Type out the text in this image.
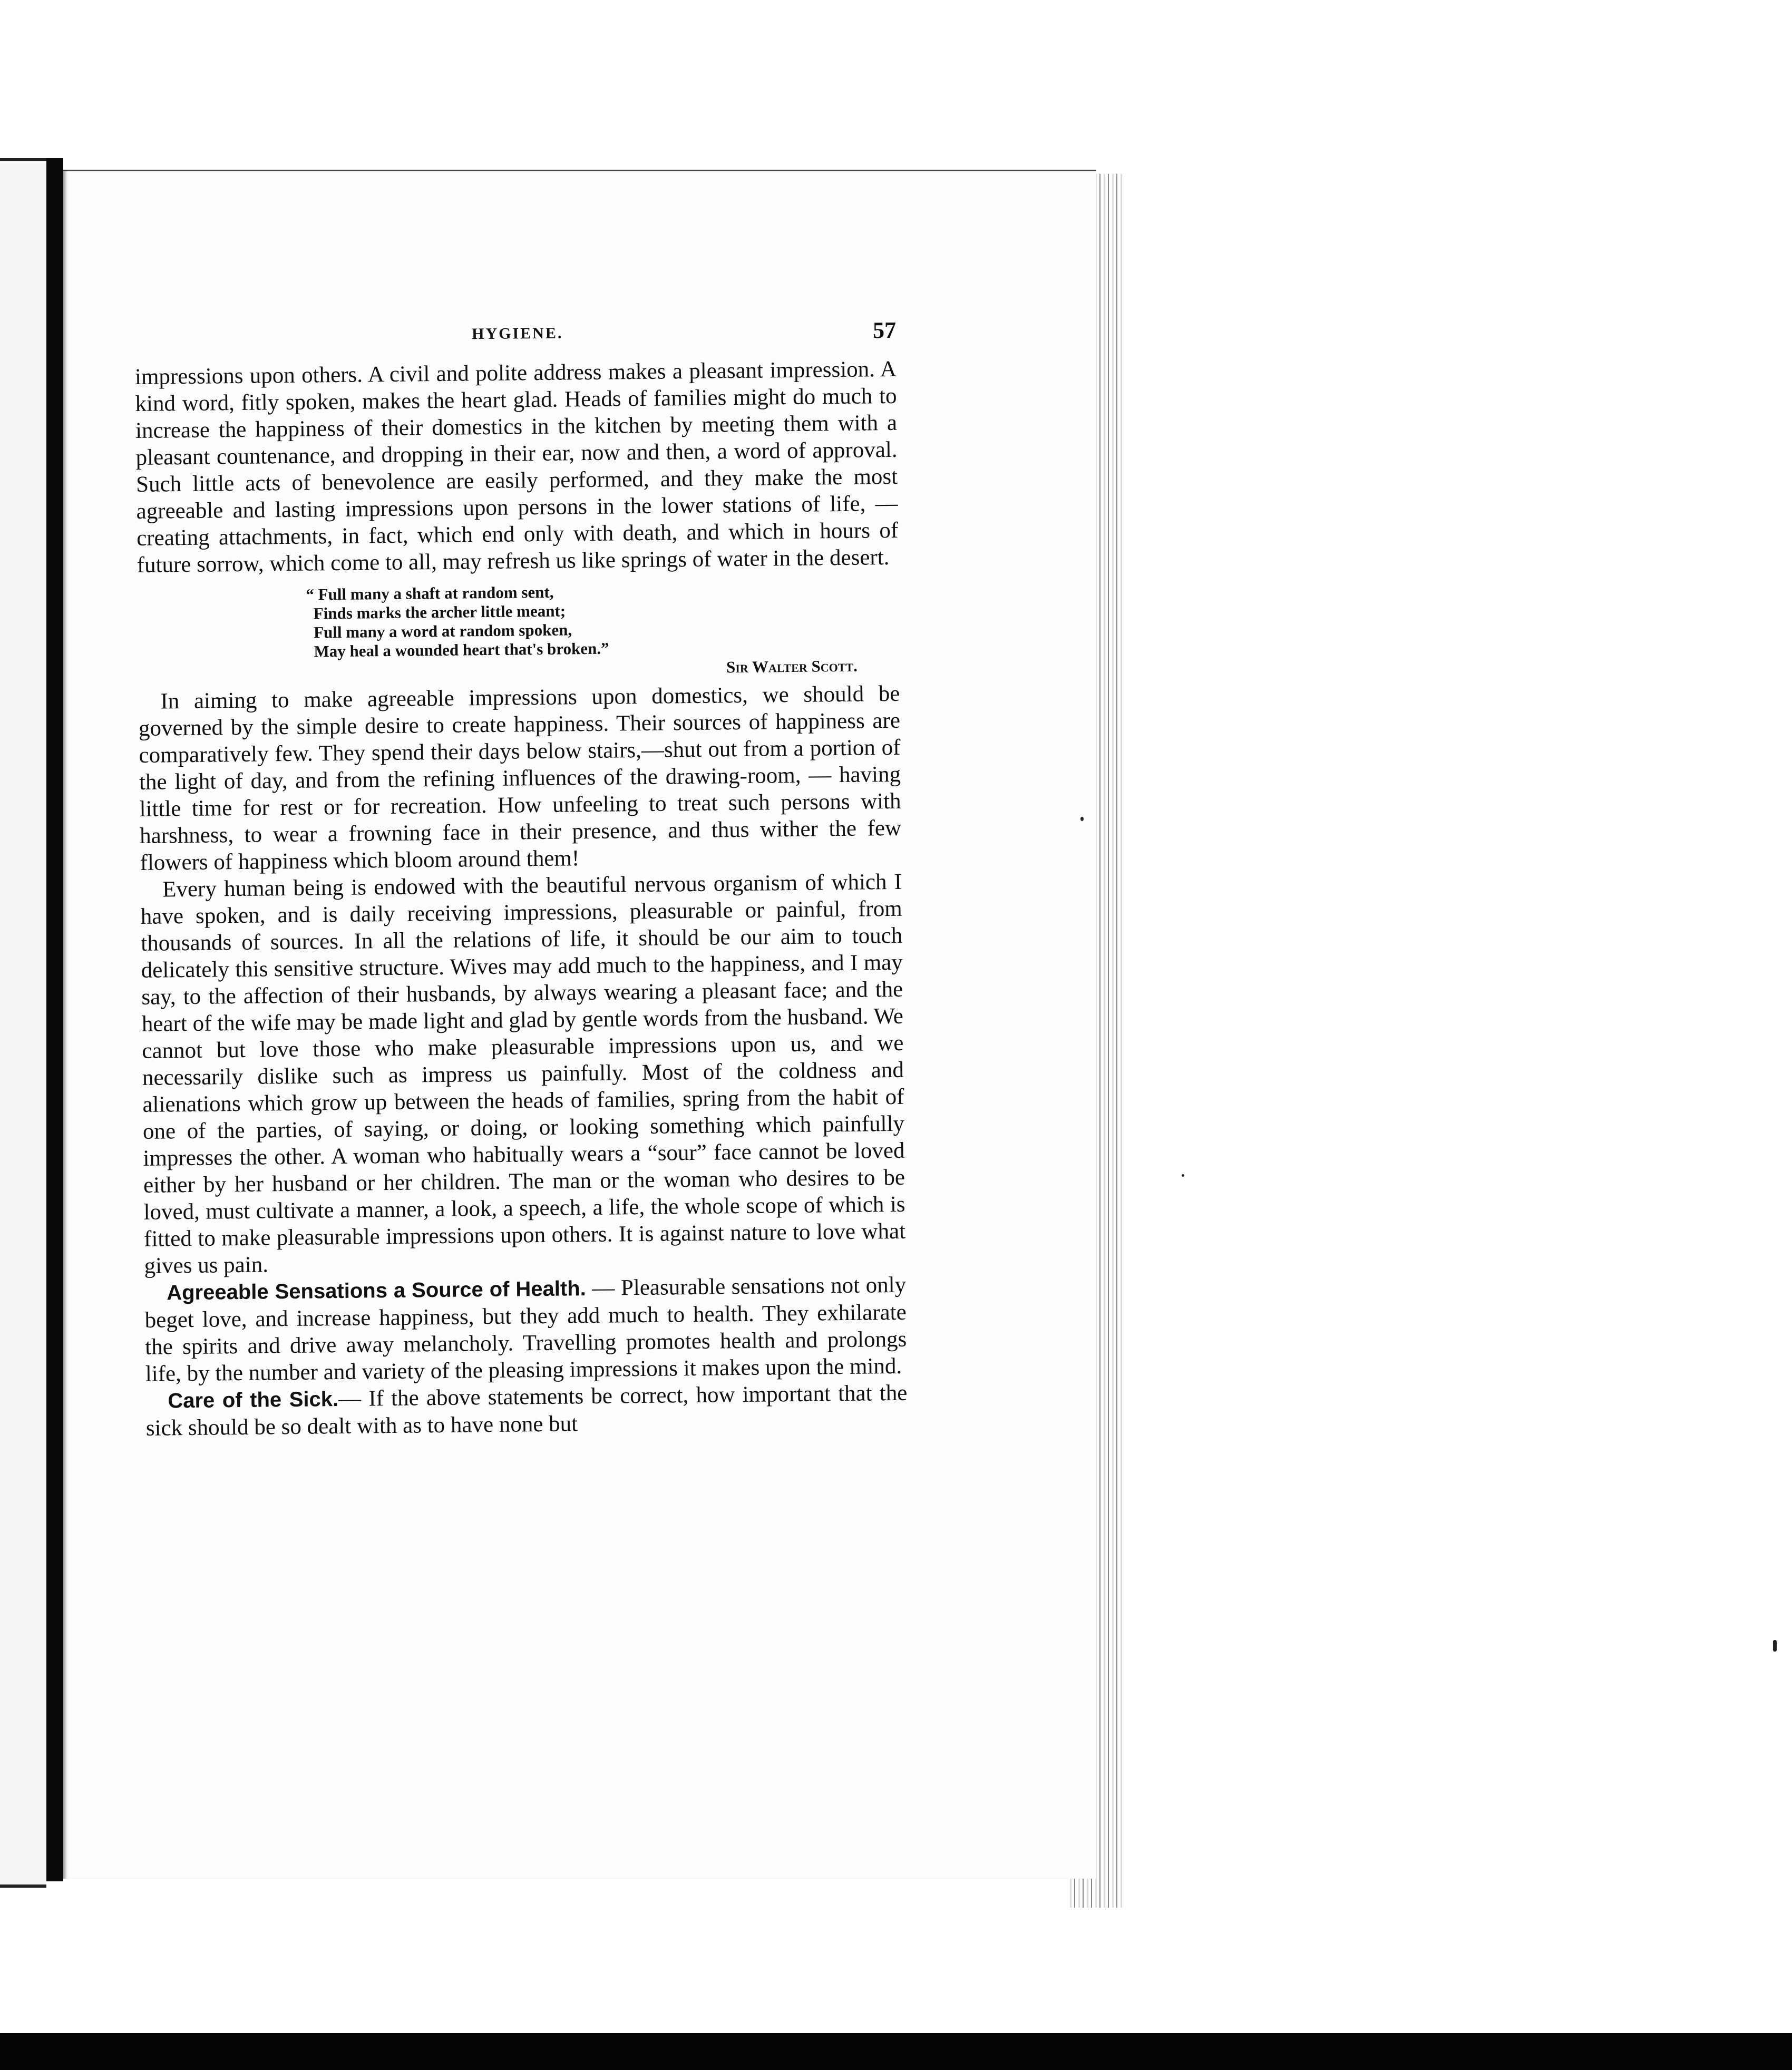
HYGIENE.	57

impressions upon others. A civil and polite address makes a pleasant impression. A kind word, fitly spoken, makes the heart glad. Heads of families might do much to increase the happiness of their domestics in the kitchen by meeting them with a pleasant countenance, and dropping in their ear, now and then, a word of approval. Such little acts of benevolence are easily performed, and they make the most agreeable and lasting impressions upon persons in the lower stations of life, — creating attachments, in fact, which end only with death, and which in hours of future sorrow, which come to all, may refresh us like springs of water in the desert.

“ Full many a shaft at random sent,
Finds marks the archer little meant;
Full many a word at random spoken,
May heal a wounded heart that's broken.”
Sir Walter Scott.

In aiming to make agreeable impressions upon domestics, we should be governed by the simple desire to create happiness. Their sources of happiness are comparatively few. They spend their days below stairs,—shut out from a portion of the light of day, and from the refining influences of the drawing-room, — having little time for rest or for recreation. How unfeeling to treat such persons with harshness, to wear a frowning face in their presence, and thus wither the few flowers of happiness which bloom around them!

Every human being is endowed with the beautiful nervous organism of which I have spoken, and is daily receiving impressions, pleasurable or painful, from thousands of sources. In all the relations of life, it should be our aim to touch delicately this sensitive structure. Wives may add much to the happiness, and I may say, to the affection of their husbands, by always wearing a pleasant face; and the heart of the wife may be made light and glad by gentle words from the husband. We cannot but love those who make pleasurable impressions upon us, and we necessarily dislike such as impress us painfully. Most of the coldness and alienations which grow up between the heads of families, spring from the habit of one of the parties, of saying, or doing, or looking something which painfully impresses the other. A woman who habitually wears a “sour” face cannot be loved either by her husband or her children. The man or the woman who desires to be loved, must cultivate a manner, a look, a speech, a life, the whole scope of which is fitted to make pleasurable impressions upon others. It is against nature to love what gives us pain.

Agreeable Sensations a Source of Health. — Pleasurable sensations not only beget love, and increase happiness, but they add much to health. They exhilarate the spirits and drive away melancholy. Travelling promotes health and prolongs life, by the number and variety of the pleasing impressions it makes upon the mind.

Care of the Sick.— If the above statements be correct, how important that the sick should be so dealt with as to have none but
